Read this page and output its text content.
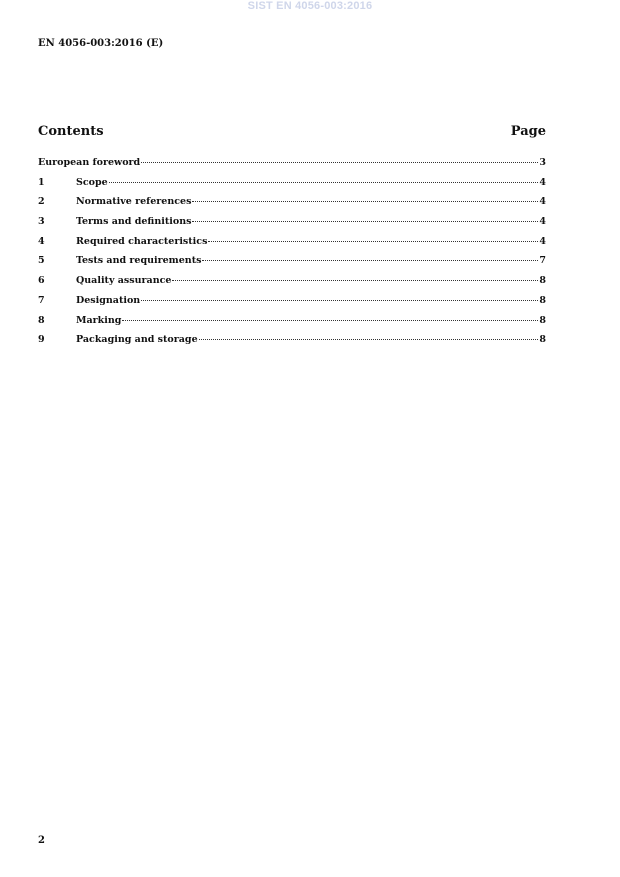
SIST EN 4056-003:2016
EN 4056-003:2016 (E)
Contents	Page
European foreword	3
1	Scope	4
2	Normative references	4
3	Terms and definitions	4
4	Required characteristics	4
5	Tests and requirements	7
6	Quality assurance	8
7	Designation	8
8	Marking	8
9	Packaging and storage	8
2
